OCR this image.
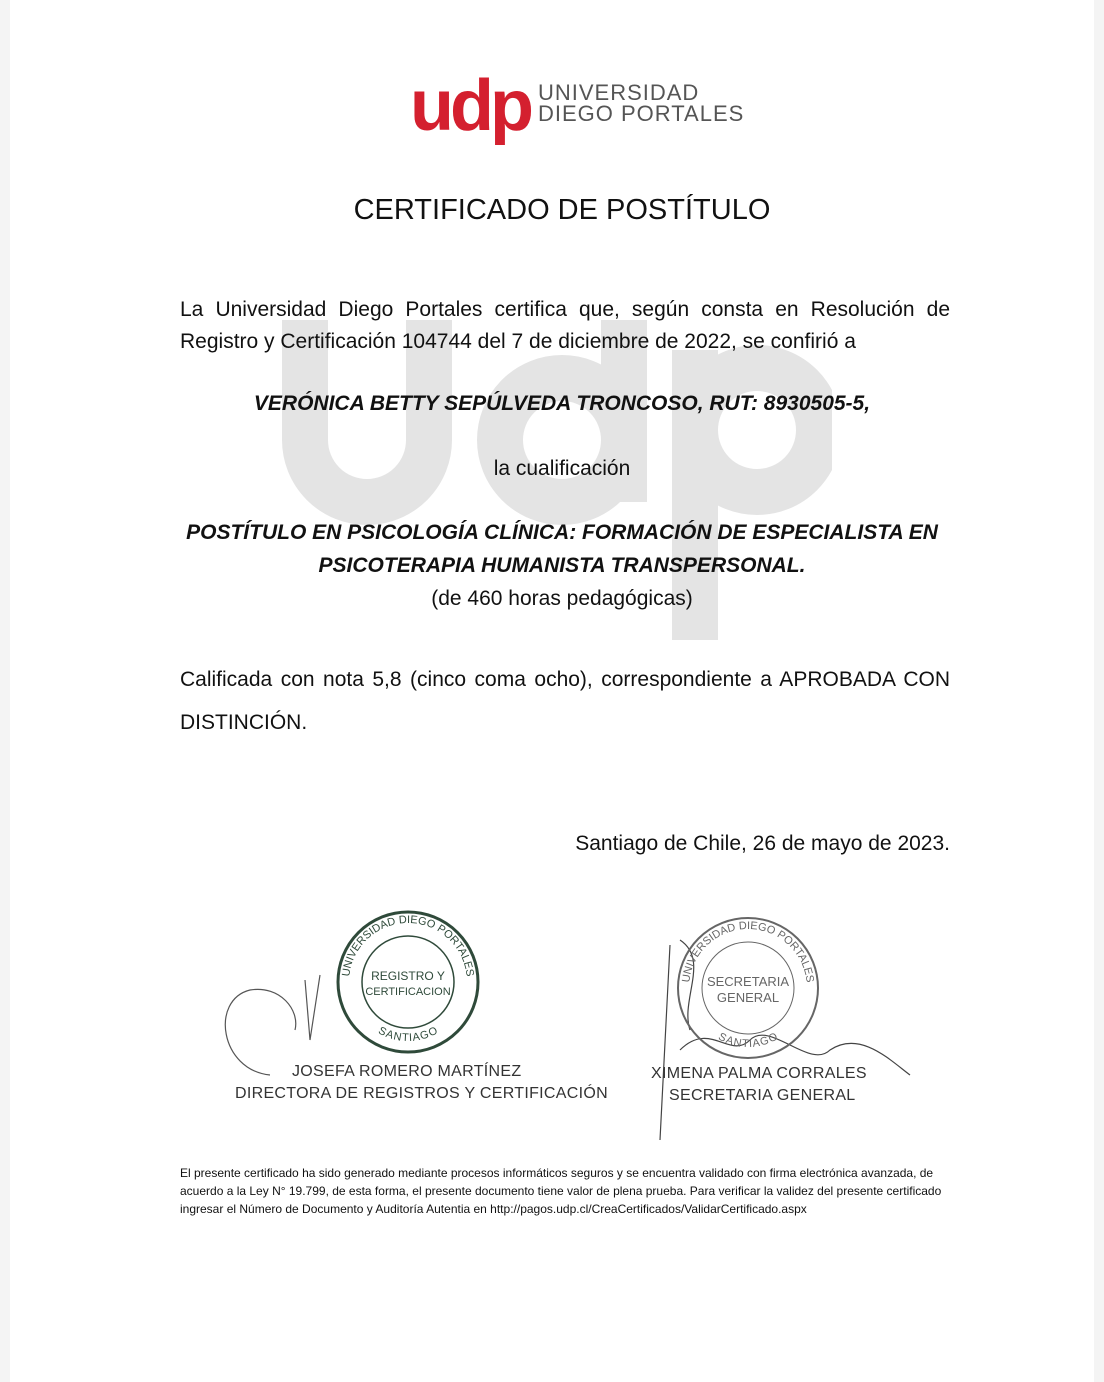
udp UNIVERSIDAD
DIEGO PORTALES
CERTIFICADO DE POSTÍTULO
La Universidad Diego Portales certifica que, según consta en Resolución de Registro y Certificación 104744 del 7 de diciembre de 2022, se confirió a
VERÓNICA BETTY SEPÚLVEDA TRONCOSO, RUT: 8930505-5,
la cualificación
POSTÍTULO EN PSICOLOGÍA CLÍNICA: FORMACIÓN DE ESPECIALISTA EN
PSICOTERAPIA HUMANISTA TRANSPERSONAL.
(de 460 horas pedagógicas)
Calificada con nota 5,8 (cinco coma ocho), correspondiente a APROBADA CON DISTINCIÓN.
Santiago de Chile, 26 de mayo de 2023.
UNIVERSIDAD DIEGO PORTALES
REGISTRO Y
CERTIFICACION
SANTIAGO
UNIVERSIDAD DIEGO PORTALES
SECRETARIA
GENERAL
SANTIAGO
JOSEFA ROMERO MARTÍNEZ
DIRECTORA DE REGISTROS Y CERTIFICACIÓN
XIMENA PALMA CORRALES
SECRETARIA GENERAL
El presente certificado ha sido generado mediante procesos informáticos seguros y se encuentra validado con firma electrónica avanzada, de acuerdo a la Ley N° 19.799, de esta forma, el presente documento tiene valor de plena prueba. Para verificar la validez del presente certificado ingresar el Número de Documento y Auditoría Autentia en http://pagos.udp.cl/CreaCertificados/ValidarCertificado.aspx
